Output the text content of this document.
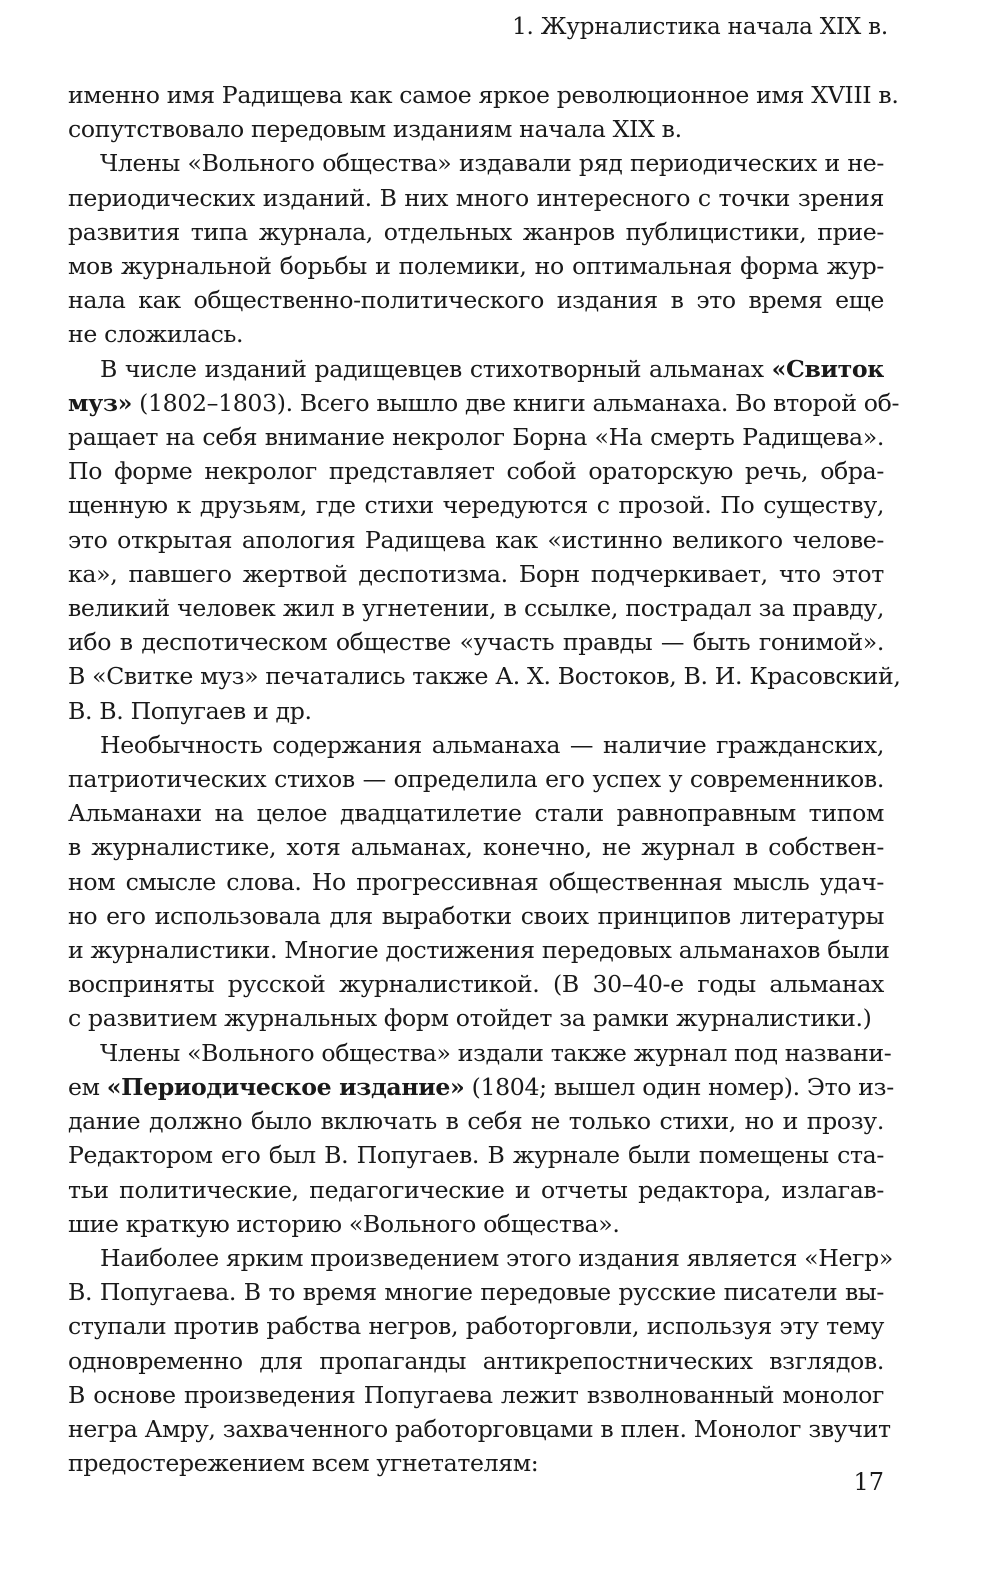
1. Журналистика начала XIX в.
именно имя Радищева как самое яркое революционное имя XVIII в.
сопутствовало передовым изданиям начала XIX в.
Члены «Вольного общества» издавали ряд периодических и не-
периодических изданий. В них много интересного с точки зрения
развития типа журнала, отдельных жанров публицистики, прие-
мов журнальной борьбы и полемики, но оптимальная форма жур-
нала как общественно-политического издания в это время еще
не сложилась.
В числе изданий радищевцев стихотворный альманах «Свиток
муз» (1802–1803). Всего вышло две книги альманаха. Во второй об-
ращает на себя внимание некролог Борна «На смерть Радищева».
По форме некролог представляет собой ораторскую речь, обра-
щенную к друзьям, где стихи чередуются с прозой. По существу,
это открытая апология Радищева как «истинно великого челове-
ка», павшего жертвой деспотизма. Борн подчеркивает, что этот
великий человек жил в угнетении, в ссылке, пострадал за правду,
ибо в деспотическом обществе «участь правды — быть гонимой».
В «Свитке муз» печатались также А. Х. Востоков, В. И. Красовский,
В. В. Попугаев и др.
Необычность содержания альманаха — наличие гражданских,
патриотических стихов — определила его успех у современников.
Альманахи на целое двадцатилетие стали равноправным типом
в журналистике, хотя альманах, конечно, не журнал в собствен-
ном смысле слова. Но прогрессивная общественная мысль удач-
но его использовала для выработки своих принципов литературы
и журналистики. Многие достижения передовых альманахов были
восприняты русской журналистикой. (В 30–40-е годы альманах
с развитием журнальных форм отойдет за рамки журналистики.)
Члены «Вольного общества» издали также журнал под названи-
ем «Периодическое издание» (1804; вышел один номер). Это из-
дание должно было включать в себя не только стихи, но и прозу.
Редактором его был В. Попугаев. В журнале были помещены ста-
тьи политические, педагогические и отчеты редактора, излагав-
шие краткую историю «Вольного общества».
Наиболее ярким произведением этого издания является «Негр»
В. Попугаева. В то время многие передовые русские писатели вы-
ступали против рабства негров, работорговли, используя эту тему
одновременно для пропаганды антикрепостнических взглядов.
В основе произведения Попугаева лежит взволнованный монолог
негра Амру, захваченного работорговцами в плен. Монолог звучит
предостережением всем угнетателям:
17
